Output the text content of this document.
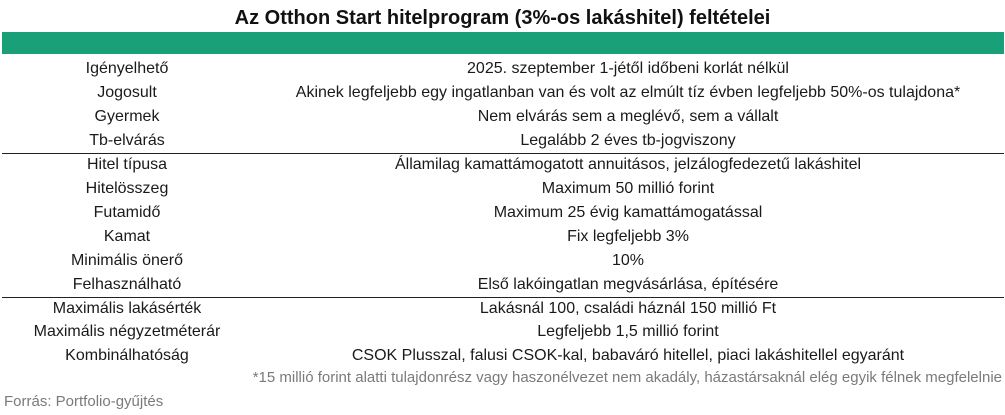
Az Otthon Start hitelprogram (3%-os lakáshitel) feltételei
Igényelhető	2025. szeptember 1-jétől időbeni korlát nélkül
Jogosult	Akinek legfeljebb egy ingatlanban van és volt az elmúlt tíz évben legfeljebb 50%-os tulajdona*
Gyermek	Nem elvárás sem a meglévő, sem a vállalt
Tb-elvárás	Legalább 2 éves tb-jogviszony
Hitel típusa	Államilag kamattámogatott annuitásos, jelzálogfedezetű lakáshitel
Hitelösszeg	Maximum 50 millió forint
Futamidő	Maximum 25 évig kamattámogatással
Kamat	Fix legfeljebb 3%
Minimális önerő	10%
Felhasználható	Első lakóingatlan megvásárlása, építésére
Maximális lakásérték	Lakásnál 100, családi háznál 150 millió Ft
Maximális négyzetméterár	Legfeljebb 1,5 millió forint
Kombinálhatóság	CSOK Plusszal, falusi CSOK-kal, babaváró hitellel, piaci lakáshitellel egyaránt
*15 millió forint alatti tulajdonrész vagy haszonélvezet nem akadály, házastársaknál elég egyik félnek megfelelnie
Forrás: Portfolio-gyűjtés
